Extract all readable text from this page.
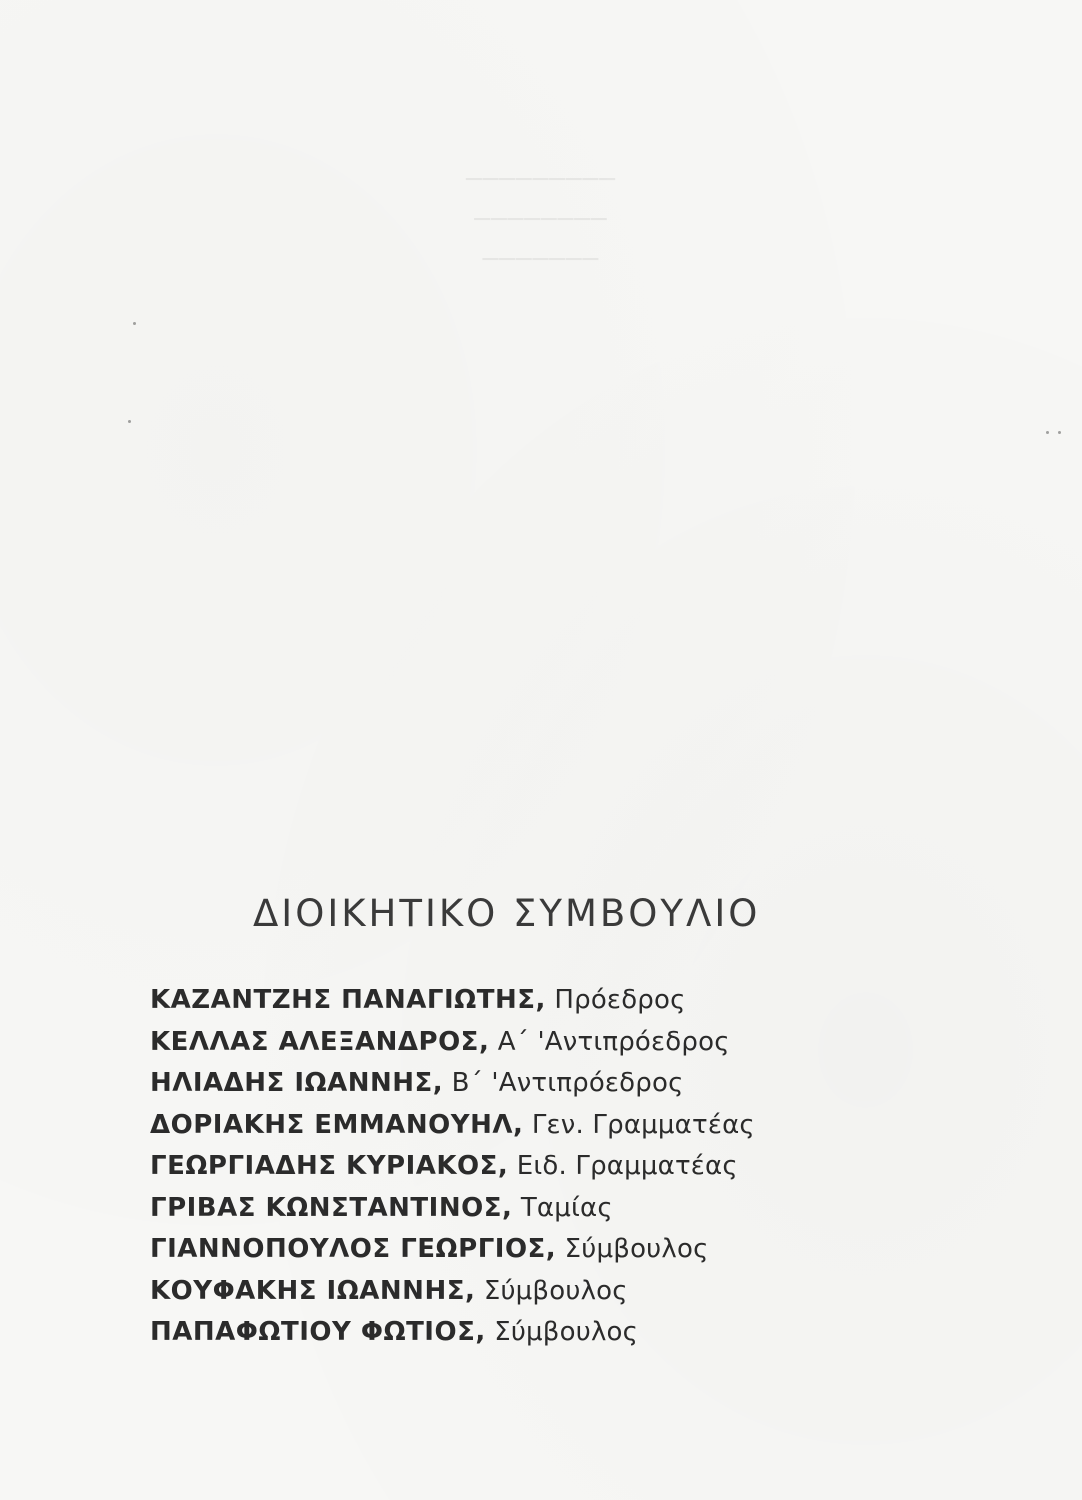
─────────
────────
───────
ΔΙΟΙΚΗΤΙΚΟ ΣΥΜΒΟΥΛΙΟ
ΚΑΖΑΝΤΖΗΣ ΠΑΝΑΓΙΩΤΗΣ, Πρόεδρος
ΚΕΛΛΑΣ ΑΛΕΞΑΝΔΡΟΣ, Α΄ 'Αντιπρόεδρος
ΗΛΙΑΔΗΣ ΙΩΑΝΝΗΣ, Β΄ 'Αντιπρόεδρος
ΔΟΡΙΑΚΗΣ ΕΜΜΑΝΟΥΗΛ, Γεν. Γραμματέας
ΓΕΩΡΓΙΑΔΗΣ ΚΥΡΙΑΚΟΣ, Ειδ. Γραμματέας
ΓΡΙΒΑΣ ΚΩΝΣΤΑΝΤΙΝΟΣ, Ταμίας
ΓΙΑΝΝΟΠΟΥΛΟΣ ΓΕΩΡΓΙΟΣ, Σύμβουλος
ΚΟΥΦΑΚΗΣ ΙΩΑΝΝΗΣ, Σύμβουλος
ΠΑΠΑΦΩΤΙΟΥ ΦΩΤΙΟΣ, Σύμβουλος
